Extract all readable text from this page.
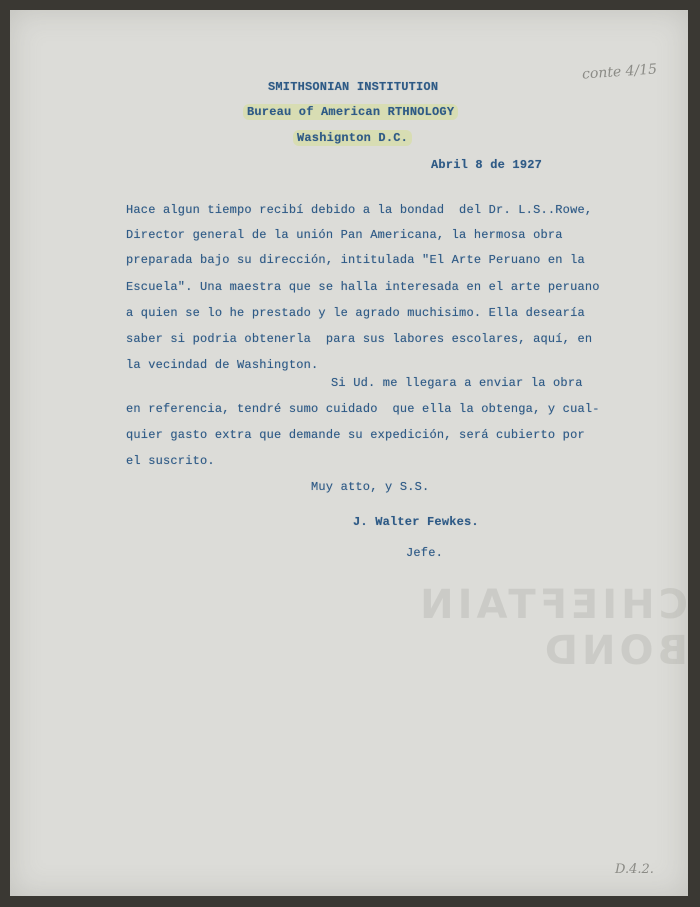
conte 4/15
CHIEFTAIN BOND

SMITHSONIAN INSTITUTION

Bureau of American RTHNOLOGY

Washignton D.C.

Abril 8 de 1927

Hace algun tiempo recibí debido a la bondad  del Dr. L.S..Rowe,

Director general de la unión Pan Americana, la hermosa obra

preparada bajo su dirección, intitulada "El Arte Peruano en la

Escuela". Una maestra que se halla interesada en el arte peruano

a quien se lo he prestado y le agrado muchisimo. Ella desearía

saber si podria obtenerla  para sus labores escolares, aquí, en

la vecindad de Washington.

Si Ud. me llegara a enviar la obra

en referencia, tendré sumo cuidado  que ella la obtenga, y cual-

quier gasto extra que demande su expedición, será cubierto por

el suscrito.

Muy atto, y S.S.

J. Walter Fewkes.

Jefe.

D.4.2.
